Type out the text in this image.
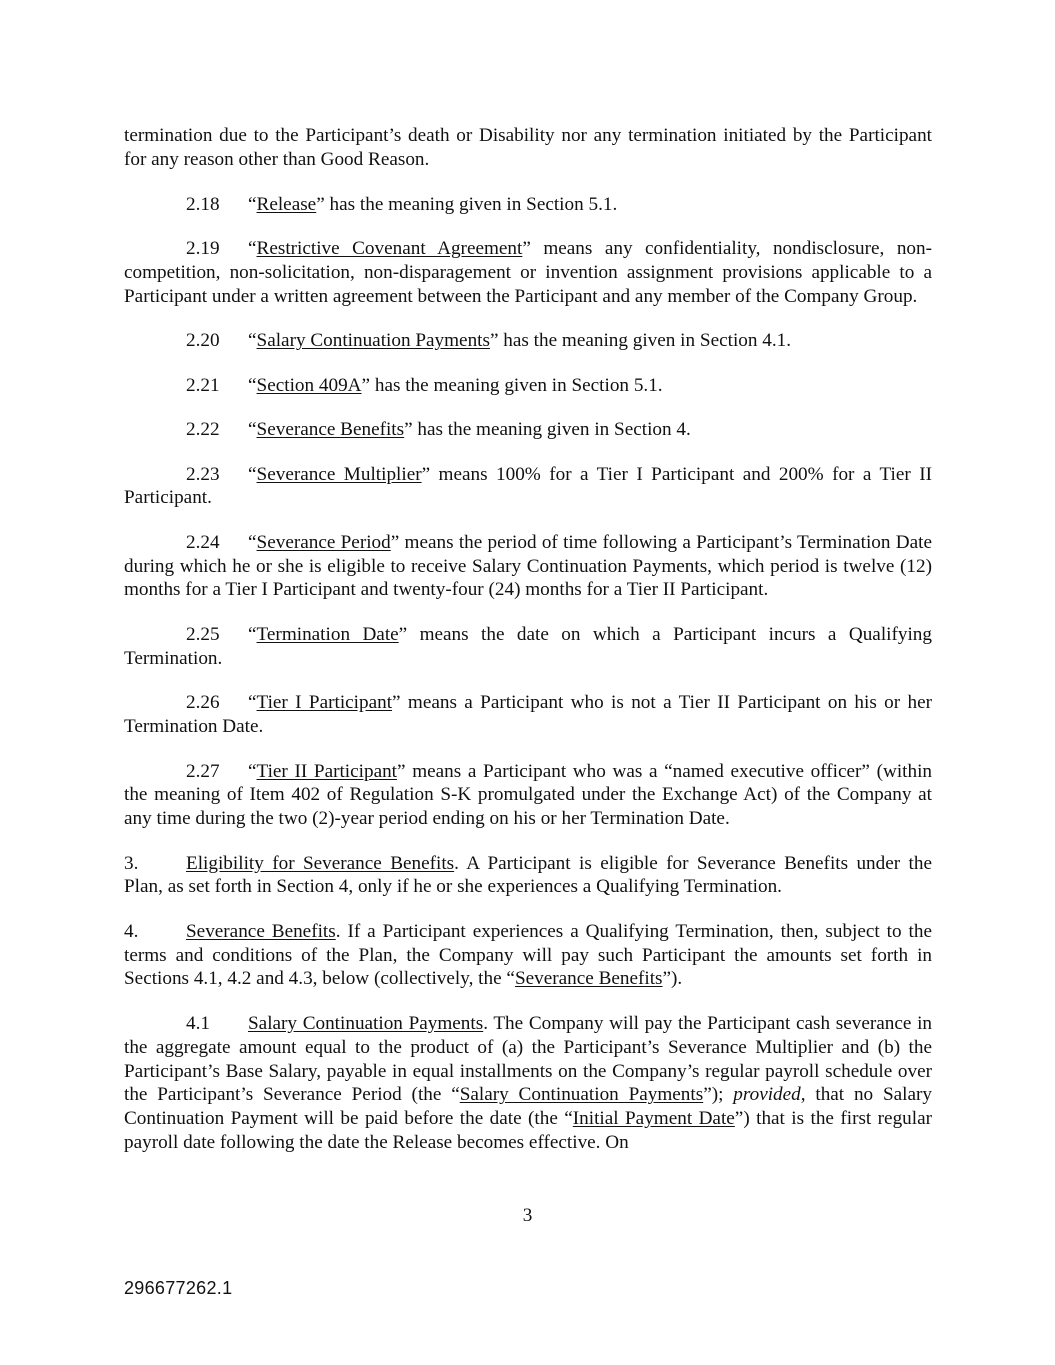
termination due to the Participant’s death or Disability nor any termination initiated by the Participant for any reason other than Good Reason.

2.18 “Release” has the meaning given in Section 5.1.

2.19 “Restrictive Covenant Agreement” means any confidentiality, nondisclosure, non-competition, non-solicitation, non-disparagement or invention assignment provisions applicable to a Participant under a written agreement between the Participant and any member of the Company Group.

2.20 “Salary Continuation Payments” has the meaning given in Section 4.1.

2.21 “Section 409A” has the meaning given in Section 5.1.

2.22 “Severance Benefits” has the meaning given in Section 4.

2.23 “Severance Multiplier” means 100% for a Tier I Participant and 200% for a Tier II Participant.

2.24 “Severance Period” means the period of time following a Participant’s Termination Date during which he or she is eligible to receive Salary Continuation Payments, which period is twelve (12) months for a Tier I Participant and twenty-four (24) months for a Tier II Participant.

2.25 “Termination Date” means the date on which a Participant incurs a Qualifying Termination.

2.26 “Tier I Participant” means a Participant who is not a Tier II Participant on his or her Termination Date.

2.27 “Tier II Participant” means a Participant who was a “named executive officer” (within the meaning of Item 402 of Regulation S-K promulgated under the Exchange Act) of the Company at any time during the two (2)-year period ending on his or her Termination Date.

3. Eligibility for Severance Benefits. A Participant is eligible for Severance Benefits under the Plan, as set forth in Section 4, only if he or she experiences a Qualifying Termination.

4. Severance Benefits. If a Participant experiences a Qualifying Termination, then, subject to the terms and conditions of the Plan, the Company will pay such Participant the amounts set forth in Sections 4.1, 4.2 and 4.3, below (collectively, the “Severance Benefits”).

4.1 Salary Continuation Payments. The Company will pay the Participant cash severance in the aggregate amount equal to the product of (a) the Participant’s Severance Multiplier and (b) the Participant’s Base Salary, payable in equal installments on the Company’s regular payroll schedule over the Participant’s Severance Period (the “Salary Continuation Payments”); provided, that no Salary Continuation Payment will be paid before the date (the “Initial Payment Date”) that is the first regular payroll date following the date the Release becomes effective. On

3
296677262.1
